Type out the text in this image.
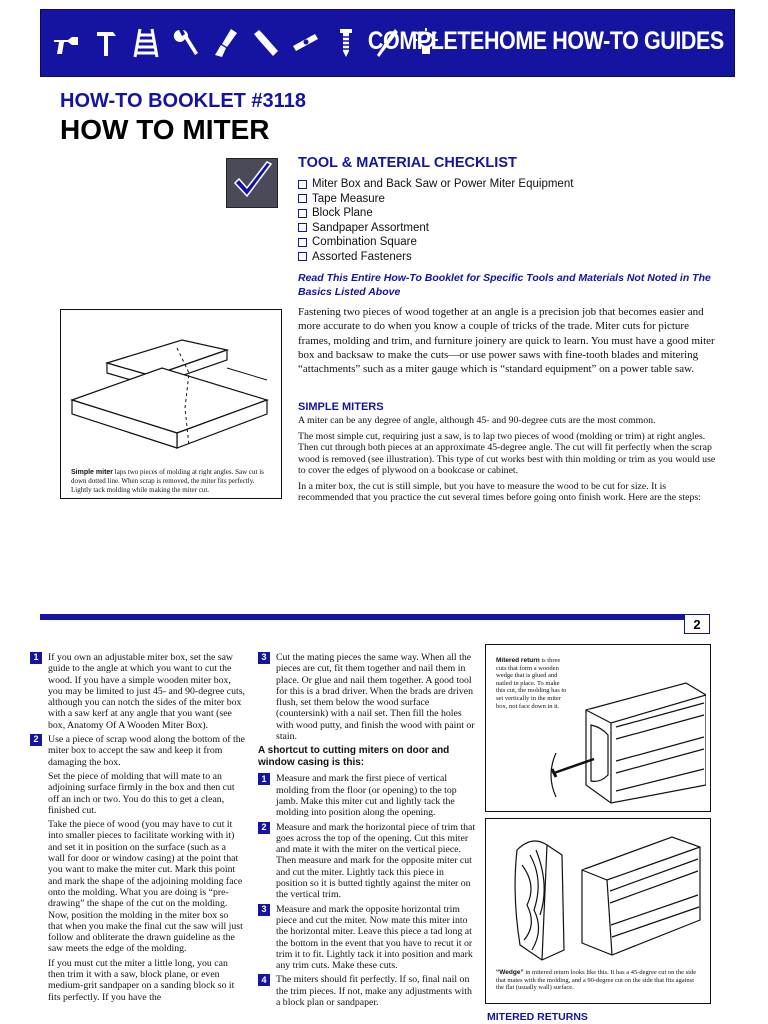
COMPLETEHOME HOW-TO GUIDES
HOW-TO BOOKLET #3118
HOW TO MITER
TOOL & MATERIAL CHECKLIST
Miter Box and Back Saw or Power Miter Equipment
Tape Measure
Block Plane
Sandpaper Assortment
Combination Square
Assorted Fasteners
Read This Entire How-To Booklet for Specific Tools and Materials Not Noted in The Basics Listed Above
Simple miter laps two pieces of molding at right angles. Saw cut is down dotted line. When scrap is removed, the miter fits perfectly. Lightly tack molding while making the miter cut.

Fastening two pieces of wood together at an angle is a precision job that becomes easier and more accurate to do when you know a couple of tricks of the trade. Miter cuts for picture frames, molding and trim, and furniture joinery are quick to learn. You must have a good miter box and backsaw to make the cuts—or use power saws with fine-tooth blades and mitering “attachments” such as a miter gauge which is “standard equipment” on a power table saw.

SIMPLE MITERS

A miter can be any degree of angle, although 45- and 90-degree cuts are the most common.

The most simple cut, requiring just a saw, is to lap two pieces of wood (molding or trim) at right angles. Then cut through both pieces at an approximate 45-degree angle. The cut will fit perfectly when the scrap wood is removed (see illustration). This type of cut works best with thin molding or trim as you would use to cover the edges of plywood on a bookcase or cabinet.

In a miter box, the cut is still simple, but you have to measure the wood to be cut for size. It is recommended that you practice the cut several times before going onto finish work. Here are the steps:

2
1 If you own an adjustable miter box, set the saw guide to the angle at which you want to cut the wood. If you have a simple wooden miter box, you may be limited to just 45- and 90-degree cuts, although you can notch the sides of the miter box with a saw kerf at any angle that you want (see box, Anatomy Of A Wooden Miter Box).
2 Use a piece of scrap wood along the bottom of the miter box to accept the saw and keep it from damaging the box.

Set the piece of molding that will mate to an adjoining surface firmly in the box and then cut off an inch or two. You do this to get a clean, finished cut.

Take the piece of wood (you may have to cut it into smaller pieces to facilitate working with it) and set it in position on the surface (such as a wall for door or window casing) at the point that you want to make the miter cut. Mark this point and mark the shape of the adjoining molding face onto the molding. What you are doing is “pre-drawing” the shape of the cut on the molding. Now, position the molding in the miter box so that when you make the final cut the saw will just follow and obliterate the drawn guideline as the saw meets the edge of the molding.

If you must cut the miter a little long, you can then trim it with a saw, block plane, or even medium-grit sandpaper on a sanding block so it fits perfectly. If you have the

3 Cut the mating pieces the same way. When all the pieces are cut, fit them together and nail them in place. Or glue and nail them together. A good tool for this is a brad driver. When the brads are driven flush, set them below the wood surface (countersink) with a nail set. Then fill the holes with wood putty, and finish the wood with paint or stain.
A shortcut to cutting miters on door and window casing is this:
1 Measure and mark the first piece of vertical molding from the floor (or opening) to the top jamb. Make this miter cut and lightly tack the molding into position along the opening.
2 Measure and mark the horizontal piece of trim that goes across the top of the opening. Cut this miter and mate it with the miter on the vertical piece. Then measure and mark for the opposite miter cut and cut the miter. Lightly tack this piece in position so it is butted tightly against the miter on the vertical trim.
3 Measure and mark the opposite horizontal trim piece and cut the miter. Now mate this miter into the horizontal miter. Leave this piece a tad long at the bottom in the event that you have to recut it or trim it to fit. Lightly tack it into position and mark any trim cuts. Make these cuts.
4 The miters should fit perfectly. If so, final nail on the trim pieces. If not, make any adjustments with a block plan or sandpaper.
Mitered return is three cuts that form a wooden wedge that is glued and nailed in place. To make this cut, the molding has to set vertically in the miter box, not face down in it.
“Wedge” in mitered return looks like this. It has a 45-degree cut on the side that mates with the molding, and a 90-degree cut on the side that fits against the flat (usually wall) surface.
MITERED RETURNS
